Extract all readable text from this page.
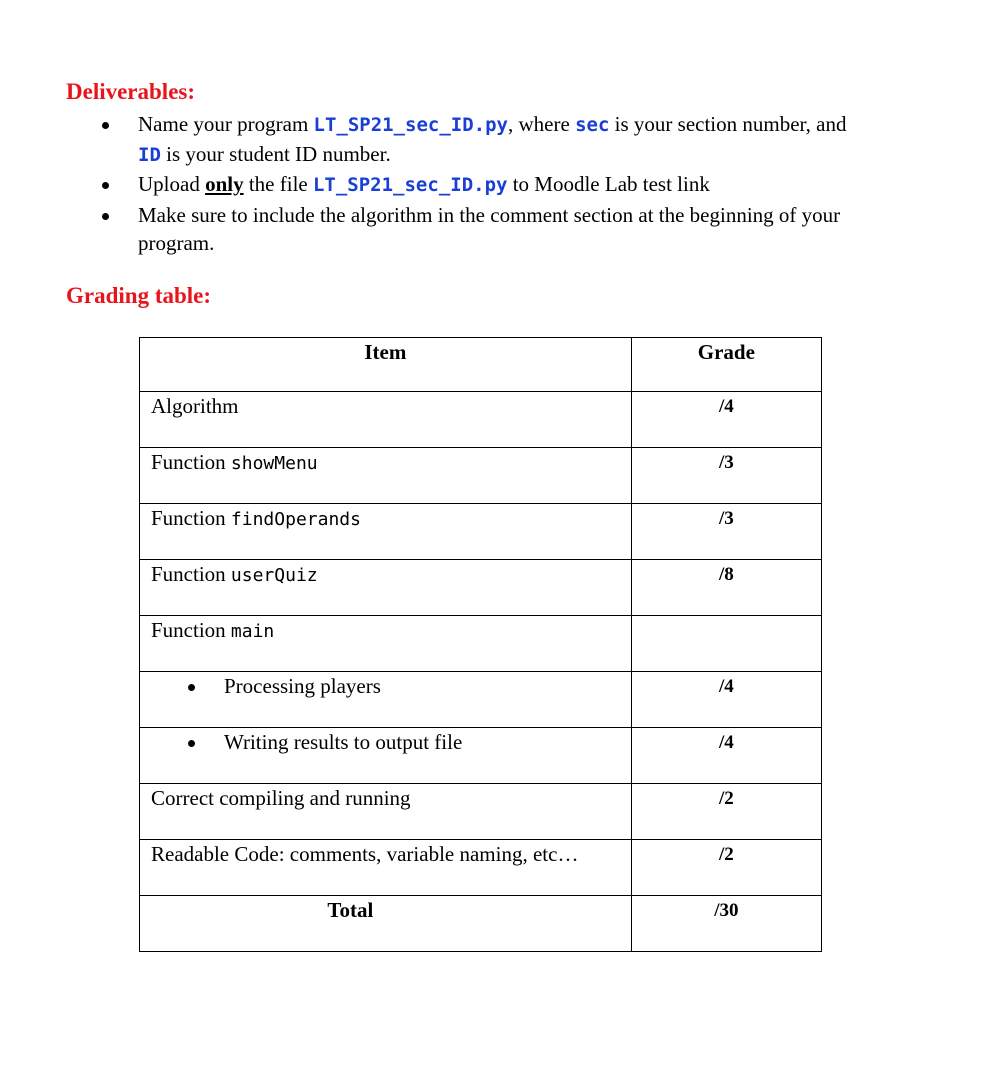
Deliverables:
Name your program LT_SP21_sec_ID.py, where sec is your section number, and
ID is your student ID number.
Upload only the file LT_SP21_sec_ID.py to Moodle Lab test link
Make sure to include the algorithm in the comment section at the beginning of your program.
Grading table:
Item	Grade
Algorithm	/4
Function showMenu	/3
Function findOperands	/3
Function userQuiz	/8
Function main	

Processing players	/4

Writing results to output file	/4
Correct compiling and running	/2
Readable Code: comments, variable naming, etc…	/2
Total	/30
